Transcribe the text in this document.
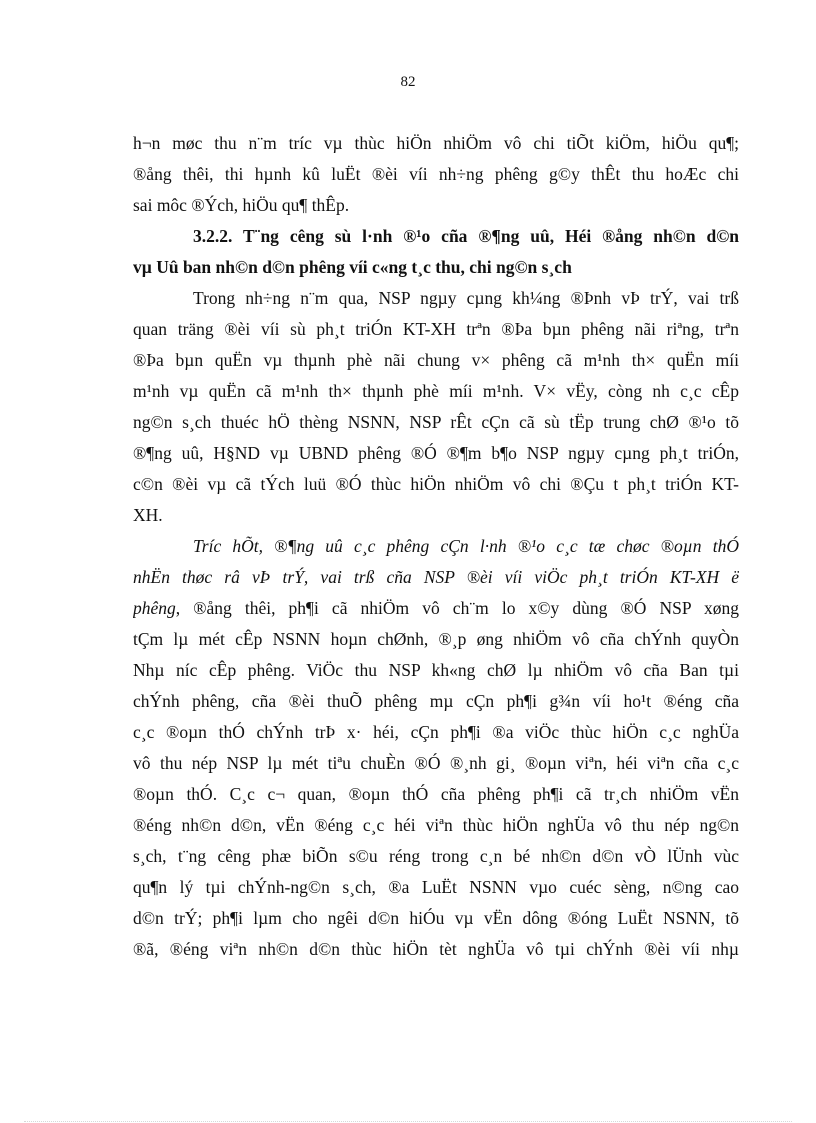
82
h¬n møc thu n¨m tríc vµ thùc hiÖn nhiÖm vô chi tiÕt kiÖm, hiÖu qu¶;
®ång thêi, thi hµnh kû luËt ®èi víi nh÷ng phêng g©y thÊt thu hoÆc chi
sai môc ®Ých, hiÖu qu¶ thÊp.
3.2.2. T¨ng cêng sù l·nh ®¹o cña ®¶ng uû, Héi ®ång nh©n d©n
vµ Uû ban nh©n d©n phêng víi c«ng t¸c thu, chi ng©n s¸ch
Trong nh÷ng n¨m qua, NSP ngµy cµng kh¼ng ®Þnh vÞ trÝ, vai trß
quan träng ®èi víi sù ph¸t triÓn KT-XH trªn ®Þa bµn phêng nãi riªng, trªn
®Þa bµn quËn vµ thµnh phè nãi chung v× phêng cã m¹nh th× quËn míi
m¹nh vµ quËn cã m¹nh th× thµnh phè míi m¹nh. V× vËy, còng nh c¸c cÊp
ng©n s¸ch thuéc hÖ thèng NSNN, NSP rÊt cÇn cã sù tËp trung chØ ®¹o tõ
®¶ng uû, H§ND vµ UBND phêng ®Ó ®¶m b¶o NSP ngµy cµng ph¸t triÓn,
c©n ®èi vµ cã tÝch luü ®Ó thùc hiÖn nhiÖm vô chi ®Çu t ph¸t triÓn KT-
XH.
Tríc hÕt, ®¶ng uû c¸c phêng cÇn l·nh ®¹o c¸c tæ chøc ®oµn thÓ
nhËn thøc râ vÞ trÝ, vai trß cña NSP ®èi víi viÖc ph¸t triÓn KT-XH ë
phêng, ®ång thêi, ph¶i cã nhiÖm vô ch¨m lo x©y dùng ®Ó NSP xøng
tÇm lµ mét cÊp NSNN hoµn chØnh, ®¸p øng nhiÖm vô cña chÝnh quyÒn
Nhµ níc cÊp phêng. ViÖc thu NSP kh«ng chØ lµ nhiÖm vô cña Ban tµi
chÝnh phêng, cña ®èi thuÕ phêng mµ cÇn ph¶i g¾n víi ho¹t ®éng cña
c¸c ®oµn thÓ chÝnh trÞ x· héi, cÇn ph¶i ®a viÖc thùc hiÖn c¸c nghÜa
vô thu nép NSP lµ mét tiªu chuÈn ®Ó ®¸nh gi¸ ®oµn viªn, héi viªn cña c¸c
®oµn thÓ. C¸c c¬ quan, ®oµn thÓ cña phêng ph¶i cã tr¸ch nhiÖm vËn
®éng nh©n d©n, vËn ®éng c¸c héi viªn thùc hiÖn nghÜa vô thu nép ng©n
s¸ch, t¨ng cêng phæ biÕn s©u réng trong c¸n bé nh©n d©n vÒ lÜnh vùc
qu¶n lý tµi chÝnh-ng©n s¸ch, ®a LuËt NSNN vµo cuéc sèng, n©ng cao
d©n trÝ; ph¶i lµm cho ngêi d©n hiÓu vµ vËn dông ®óng LuËt NSNN, tõ
®ã, ®éng viªn nh©n d©n thùc hiÖn tèt nghÜa vô tµi chÝnh ®èi víi nhµ
